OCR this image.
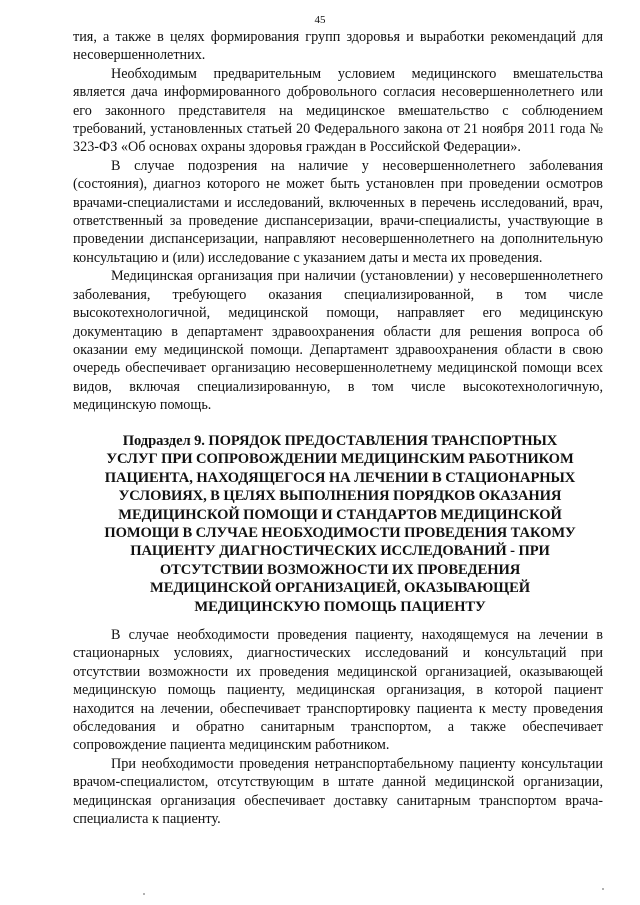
45

тия, а также в целях формирования групп здоровья и выработки рекомендаций для несовершеннолетних.

Необходимым предварительным условием медицинского вмешательства является дача информированного добровольного согласия несовершеннолетнего или его законного представителя на медицинское вмешательство с соблюдением требований, установленных статьей 20 Федерального закона от 21 ноября 2011 года № 323-ФЗ «Об основах охраны здоровья граждан в Российской Федерации».

В случае подозрения на наличие у несовершеннолетнего заболевания (состояния), диагноз которого не может быть установлен при проведении осмотров врачами-специалистами и исследований, включенных в перечень исследований, врач, ответственный за проведение диспансеризации, врачи-специалисты, участвующие в проведении диспансеризации, направляют несовершеннолетнего на дополнительную консультацию и (или) исследование с указанием даты и места их проведения.

Медицинская организация при наличии (установлении) у несовершеннолетнего заболевания, требующего оказания специализированной, в том числе высокотехнологичной, медицинской помощи, направляет его медицинскую документацию в департамент здравоохранения области для решения вопроса об оказании ему медицинской помощи. Департамент здравоохранения области в свою очередь обеспечивает организацию несовершеннолетнему медицинской помощи всех видов, включая специализированную, в том числе высокотехнологичную, медицинскую помощь.

Подраздел 9. ПОРЯДОК ПРЕДОСТАВЛЕНИЯ ТРАНСПОРТНЫХ УСЛУГ ПРИ СОПРОВОЖДЕНИИ МЕДИЦИНСКИМ РАБОТНИКОМ ПАЦИЕНТА, НАХОДЯЩЕГОСЯ НА ЛЕЧЕНИИ В СТАЦИОНАРНЫХ УСЛОВИЯХ, В ЦЕЛЯХ ВЫПОЛНЕНИЯ ПОРЯДКОВ ОКАЗАНИЯ МЕДИЦИНСКОЙ ПОМОЩИ И СТАНДАРТОВ МЕДИЦИНСКОЙ ПОМОЩИ В СЛУЧАЕ НЕОБХОДИМОСТИ ПРОВЕДЕНИЯ ТАКОМУ ПАЦИЕНТУ ДИАГНОСТИЧЕСКИХ ИССЛЕДОВАНИЙ - ПРИ ОТСУТСТВИИ ВОЗМОЖНОСТИ ИХ ПРОВЕДЕНИЯ МЕДИЦИНСКОЙ ОРГАНИЗАЦИЕЙ, ОКАЗЫВАЮЩЕЙ МЕДИЦИНСКУЮ ПОМОЩЬ ПАЦИЕНТУ

В случае необходимости проведения пациенту, находящемуся на лечении в стационарных условиях, диагностических исследований и консультаций при отсутствии возможности их проведения медицинской организацией, оказывающей медицинскую помощь пациенту, медицинская организация, в которой пациент находится на лечении, обеспечивает транспортировку пациента к месту проведения обследования и обратно санитарным транспортом, а также обеспечивает сопровождение пациента медицинским работником.

При необходимости проведения нетранспортабельному пациенту консультации врачом-специалистом, отсутствующим в штате данной медицинской организации, медицинская организация обеспечивает доставку санитарным транспортом врача-специалиста к пациенту.
